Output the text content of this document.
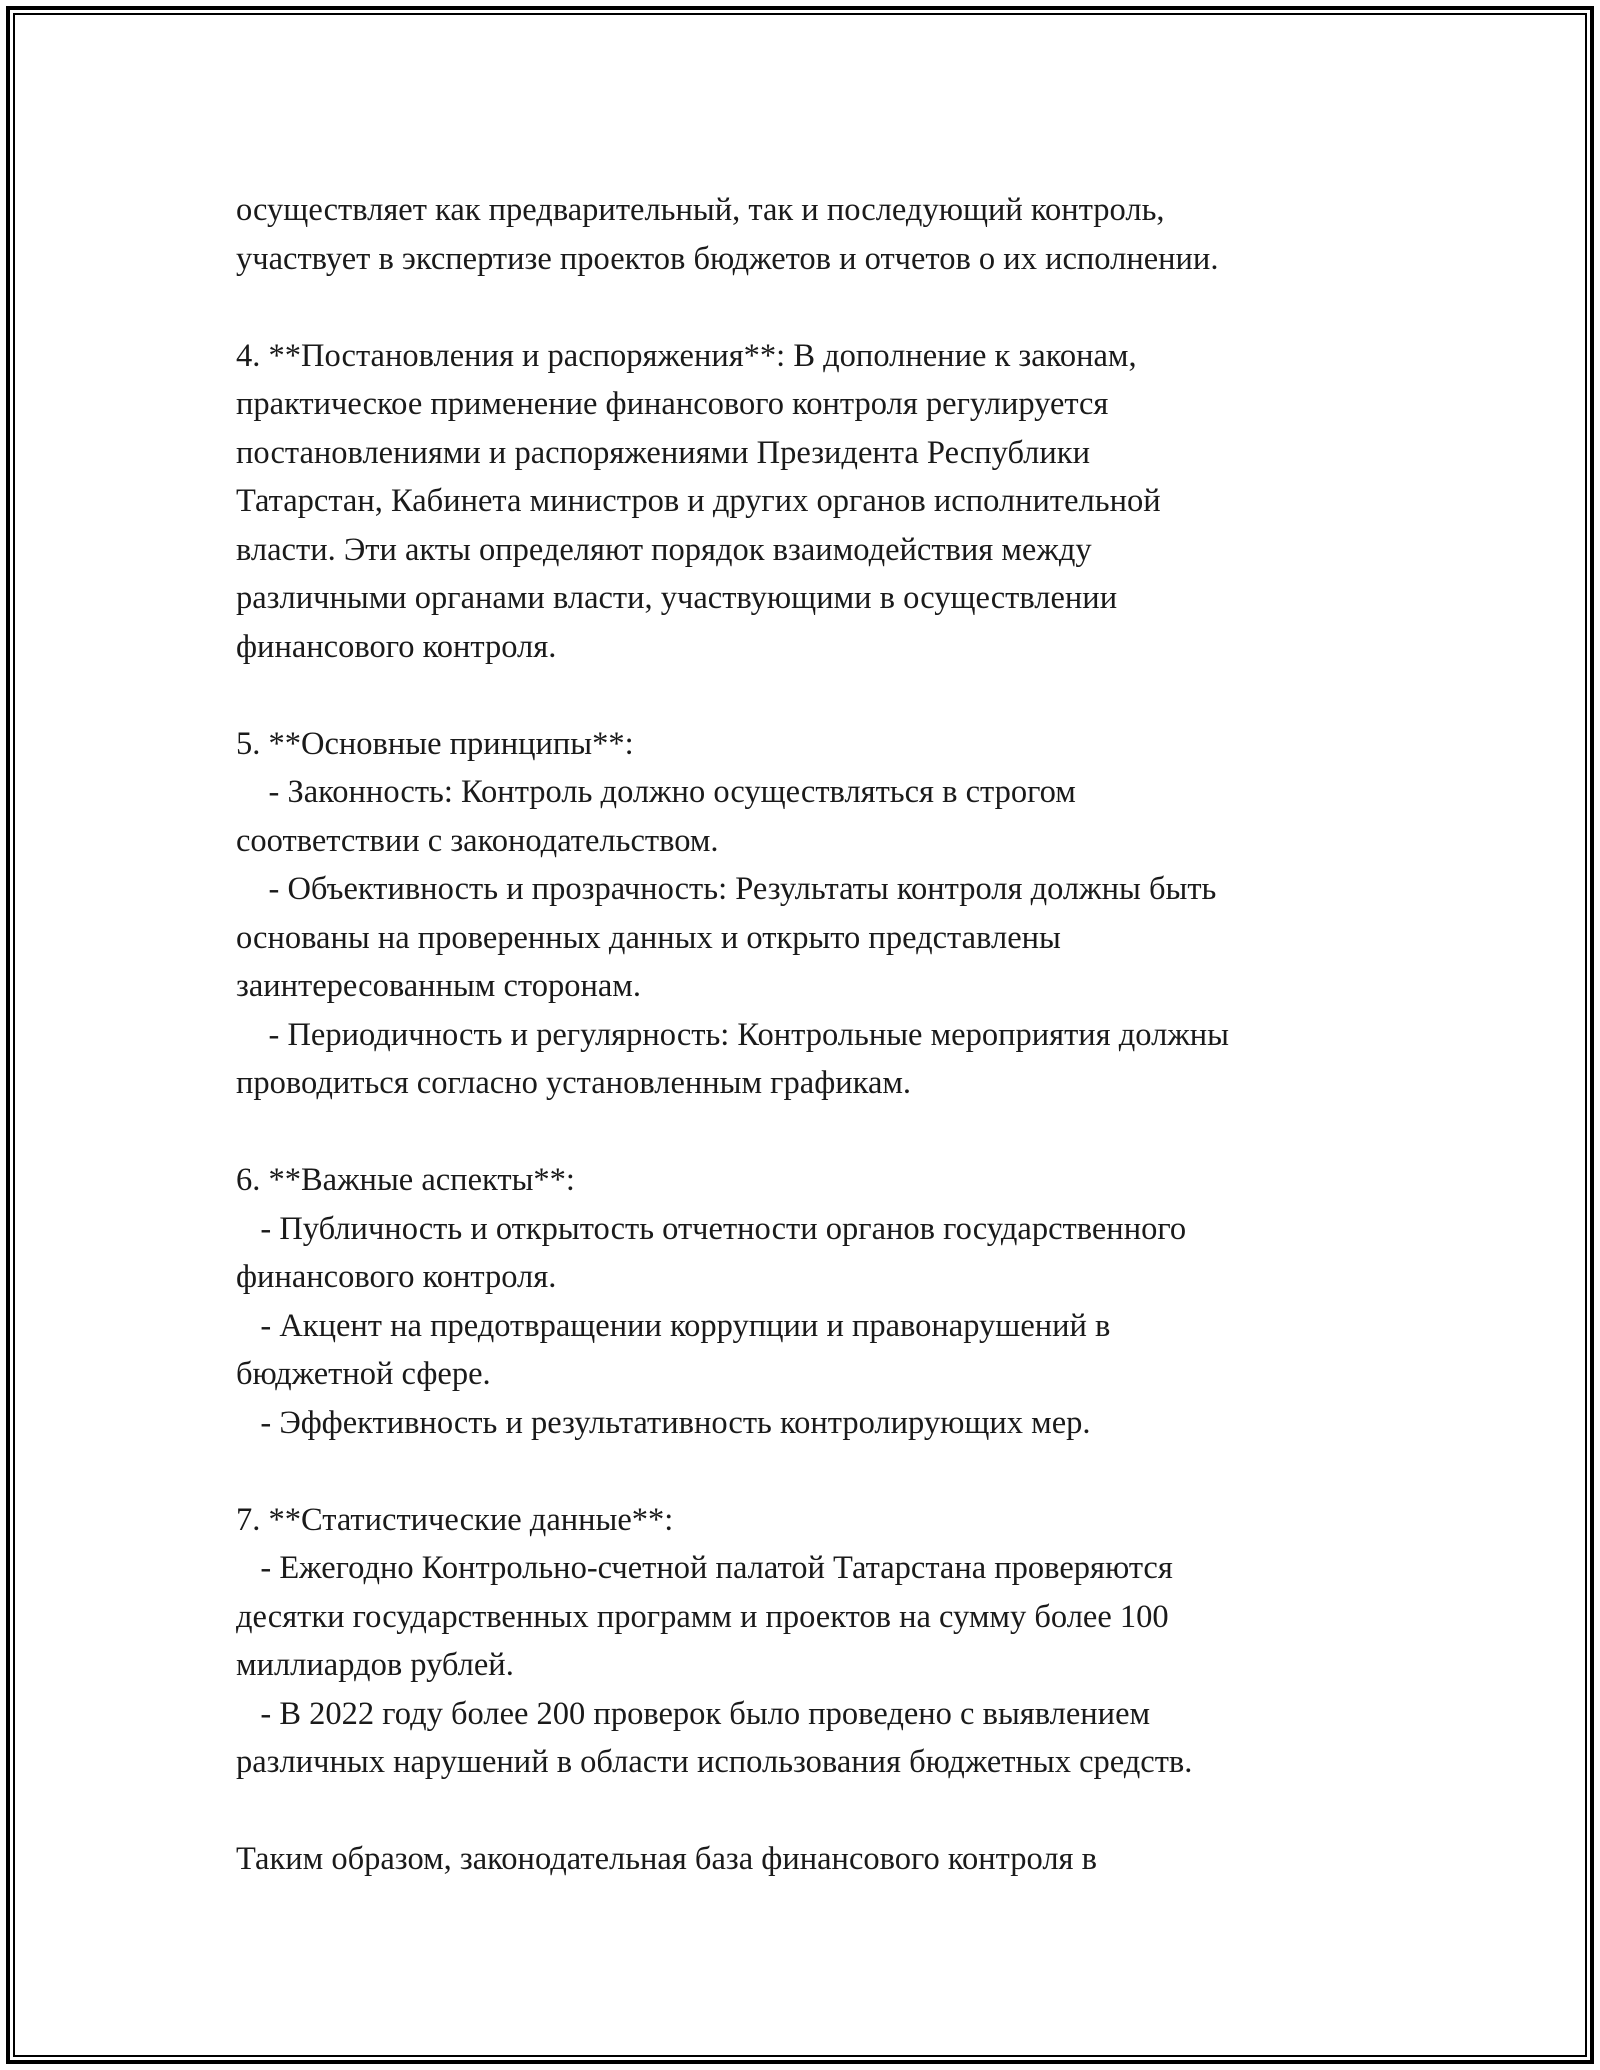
осуществляет как предварительный, так и последующий контроль,
участвует в экспертизе проектов бюджетов и отчетов о их исполнении.
4. **Постановления и распоряжения**: В дополнение к законам,
практическое применение финансового контроля регулируется
постановлениями и распоряжениями Президента Республики
Татарстан, Кабинета министров и других органов исполнительной
власти. Эти акты определяют порядок взаимодействия между
различными органами власти, участвующими в осуществлении
финансового контроля.
5. **Основные принципы**:
- Законность: Контроль должно осуществляться в строгом
соответствии с законодательством.
- Объективность и прозрачность: Результаты контроля должны быть
основаны на проверенных данных и открыто представлены
заинтересованным сторонам.
- Периодичность и регулярность: Контрольные мероприятия должны
проводиться согласно установленным графикам.
6. **Важные аспекты**:
- Публичность и открытость отчетности органов государственного
финансового контроля.
- Акцент на предотвращении коррупции и правонарушений в
бюджетной сфере.
- Эффективность и результативность контролирующих мер.
7. **Статистические данные**:
- Ежегодно Контрольно-счетной палатой Татарстана проверяются
десятки государственных программ и проектов на сумму более 100
миллиардов рублей.
- В 2022 году более 200 проверок было проведено с выявлением
различных нарушений в области использования бюджетных средств.
Таким образом, законодательная база финансового контроля в
